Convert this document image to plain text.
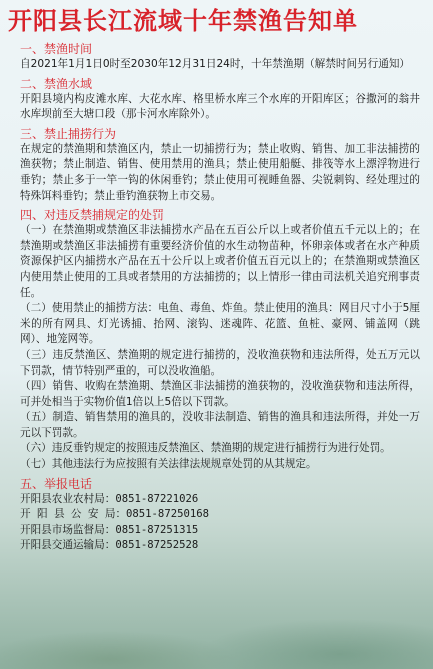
开阳县长江流域十年禁渔告知单

一、禁渔时间

自2021年1月1日0时至2030年12月31日24时，十年禁渔期（解禁时间另行通知）

二、禁渔水域

开阳县境内构皮滩水库、大花水库、格里桥水库三个水库的开阳库区；谷撒河的翁井水库坝前至大塘口段（那卡河水库除外）。

三、禁止捕捞行为

在规定的禁渔期和禁渔区内，禁止一切捕捞行为；禁止收购、销售、加工非法捕捞的渔获物；禁止制造、销售、使用禁用的渔具；禁止使用船艇、排筏等水上漂浮物进行垂钓；禁止多于一竿一钩的休闲垂钓；禁止使用可视睡鱼器、尖锐刺钩、经处理过的特殊饵料垂钓；禁止垂钓渔获物上市交易。

四、对违反禁捕规定的处罚

（一）在禁渔期或禁渔区非法捕捞水产品在五百公斤以上或者价值五千元以上的；在禁渔期或禁渔区非法捕捞有重要经济价值的水生动物苗种，怀卵亲体或者在水产种质资源保护区内捕捞水产品在五十公斤以上或者价值五百元以上的；在禁渔期或禁渔区内使用禁止使用的工具或者禁用的方法捕捞的；以上情形一律由司法机关追究刑事责任。

（二）使用禁止的捕捞方法：电鱼、毒鱼、炸鱼。禁止使用的渔具：网目尺寸小于5厘米的所有网具、灯光诱捕、抬网、滚钩、迷魂阵、花篮、鱼桩、豪网、铺盖网（跳网）、地笼网等。

（三）违反禁渔区、禁渔期的规定进行捕捞的，没收渔获物和违法所得，处五万元以下罚款，情节特别严重的，可以没收渔船。

（四）销售、收购在禁渔期、禁渔区非法捕捞的渔获物的，没收渔获物和违法所得，可并处相当于实物价值1倍以上5倍以下罚款。

（五）制造、销售禁用的渔具的，没收非法制造、销售的渔具和违法所得，并处一万元以下罚款。

（六）违反垂钓规定的按照违反禁渔区、禁渔期的规定进行捕捞行为进行处罚。

（七）其他违法行为应按照有关法律法规规章处罚的从其规定。

五、举报电话

开阳县农业农村局：0851-87221026
开 阳 县 公 安 局：0851-87250168
开阳县市场监督局：0851-87251315
开阳县交通运输局：0851-87252528
